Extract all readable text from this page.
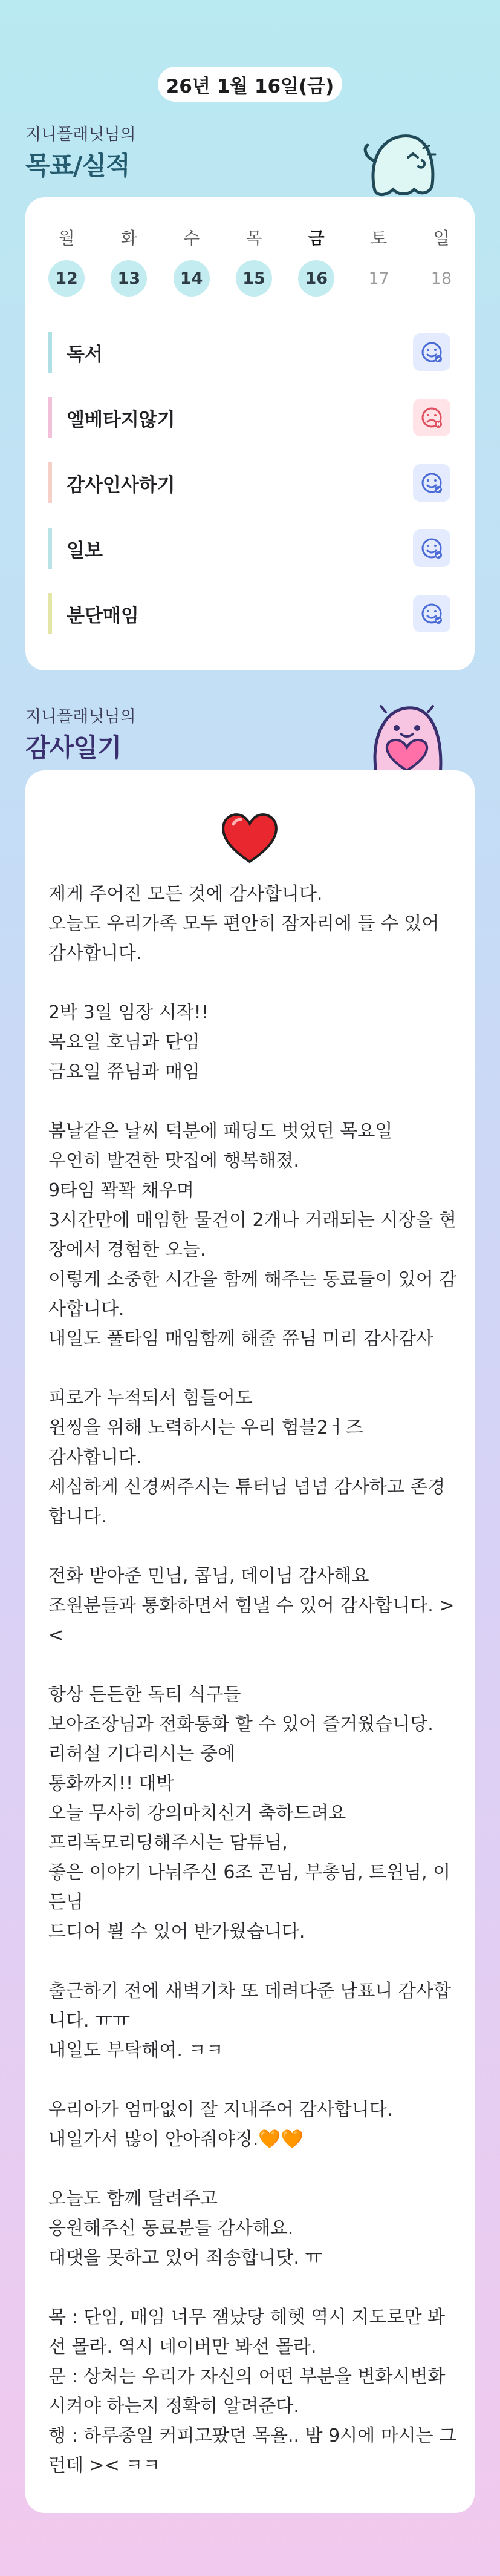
26년 1월 16일(금)
지니플래닛님의
목표/실적
월
12
화
13
수
14
목
15
금
16
토
17
일
18
독서
엘베타지않기
감사인사하기
일보
분단매임
지니플래닛님의
감사일기
제게 주어진 모든 것에 감사합니다.
오늘도 우리가족 모두 편안히 잠자리에 들 수 있어 감사합니다.

2박 3일 임장 시작!!
목요일 호님과 단임
금요일 쮸님과 매임

봄날같은 날씨 덕분에 패딩도 벗었던 목요일
우연히 발견한 맛집에 행복해졌.
9타임 꽉꽉 채우며
3시간만에 매임한 물건이 2개나 거래되는 시장을 현장에서 경험한 오늘.
이렇게 소중한 시간을 함께 해주는 동료들이 있어 감사합니다.
내일도 풀타임 매임함께 해줄 쮸님 미리 감사감사

피로가 누적되서 힘들어도
윈씽을 위해 노력하시는 우리 험블2ㅓ즈
감사합니다.
세심하게 신경써주시는 튜터님 넘넘 감사하고 존경합니다.

전화 받아준 민님, 콥님, 데이님 감사해요
조원분들과 통화하면서 힘낼 수 있어 감사합니다. ><

항상 든든한 독티 식구들
보아조장님과 전화통화 할 수 있어 즐거웠습니당.
리허설 기다리시는 중에
통화까지!! 대박
오늘 무사히 강의마치신거 축하드려요
프리독모리딩해주시는 담튜님,
좋은 이야기 나눠주신 6조 곤님, 부총님, 트윈님, 이든님
드디어 뵐 수 있어 반가웠습니다.

출근하기 전에 새벽기차 또 데려다준 남표니 감사합니다. ㅠㅠ
내일도 부탁해여. ㅋㅋ

우리아가 엄마없이 잘 지내주어 감사합니다.
내일가서 많이 안아줘야징.🧡🧡

오늘도 함께 달려주고
응원해주신 동료분들 감사해요.
대댓을 못하고 있어 죄송합니닷. ㅠ

목 : 단임, 매임 너무 잼났당 헤헷 역시 지도로만 봐선 몰라. 역시 네이버만 봐선 몰라.
문 : 상처는 우리가 자신의 어떤 부분을 변화시변화시켜야 하는지 정확히 알려준다.
행 : 하루종일 커피고팠던 목욜.. 밤 9시에 마시는 그런데 >< ㅋㅋ
